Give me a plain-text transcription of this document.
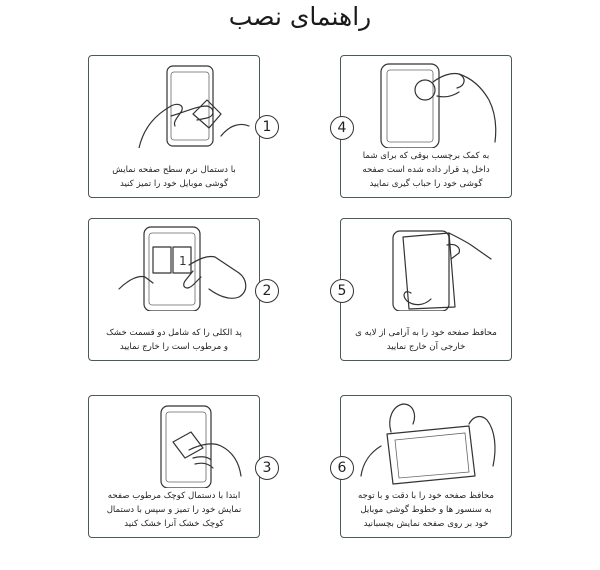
راهنمای نصب
با دستمال نرم سطح صفحه نمایش
گوشی موبایل خود را تمیز کنید
1
1
پد الکلی را که شامل دو قسمت خشک
و مرطوب است را خارج نمایید
2
ابتدا با دستمال کوچک مرطوب صفحه
نمایش خود را تمیز و سپس با دستمال
کوچک خشک آنرا خشک کنید
3
به کمک برچسب بوقی که برای شما
داخل پد قرار داده شده است صفحه
گوشی خود را حباب گیری نمایید
4
محافظ صفحه خود را به آرامی از لایه ی
خارجی آن خارج نمایید
5
محافظ صفحه خود را با دقت و با توجه
به سنسور ها و خطوط گوشی موبایل
خود بر روی صفحه نمایش بچسبانید
6
